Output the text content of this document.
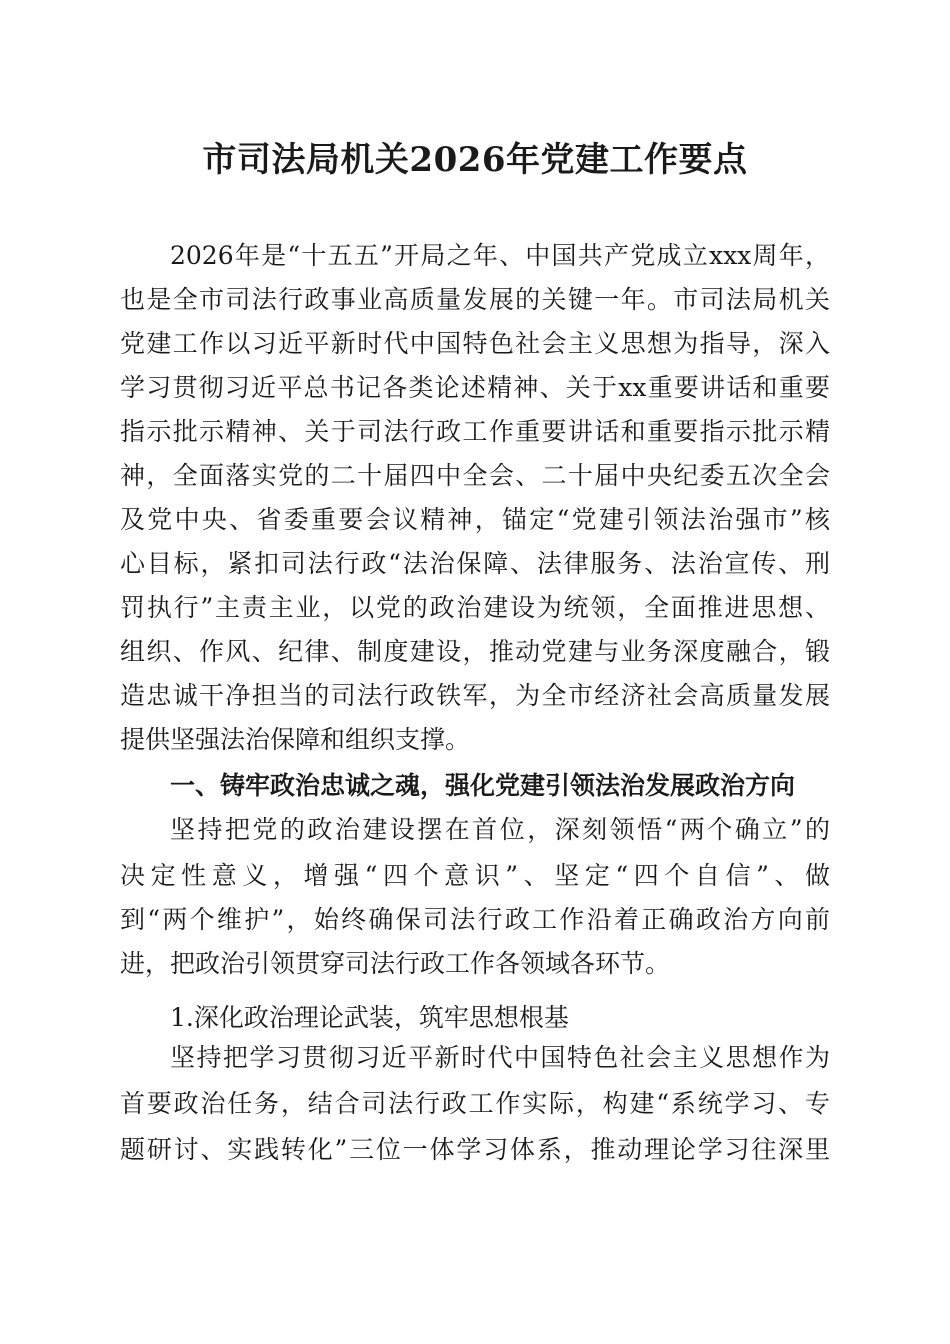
市司法局机关2026年党建工作要点

2026年是“十五五”开局之年、中国共产党成立xxx周年，

也是全市司法行政事业高质量发展的关键一年。市司法局机关

党建工作以习近平新时代中国特色社会主义思想为指导，深入

学习贯彻习近平总书记各类论述精神、关于xx重要讲话和重要

指示批示精神、关于司法行政工作重要讲话和重要指示批示精

神，全面落实党的二十届四中全会、二十届中央纪委五次全会

及党中央、省委重要会议精神，锚定“党建引领法治强市”核

心目标，紧扣司法行政“法治保障、法律服务、法治宣传、刑

罚执行”主责主业，以党的政治建设为统领，全面推进思想、

组织、作风、纪律、制度建设，推动党建与业务深度融合，锻

造忠诚干净担当的司法行政铁军，为全市经济社会高质量发展

提供坚强法治保障和组织支撑。

一、铸牢政治忠诚之魂，强化党建引领法治发展政治方向

坚持把党的政治建设摆在首位，深刻领悟“两个确立”的

决定性意义，增强“四个意识”、坚定“四个自信”、做

到“两个维护”，始终确保司法行政工作沿着正确政治方向前

进，把政治引领贯穿司法行政工作各领域各环节。

1.深化政治理论武装，筑牢思想根基

坚持把学习贯彻习近平新时代中国特色社会主义思想作为

首要政治任务，结合司法行政工作实际，构建“系统学习、专

题研讨、实践转化”三位一体学习体系，推动理论学习往深里
